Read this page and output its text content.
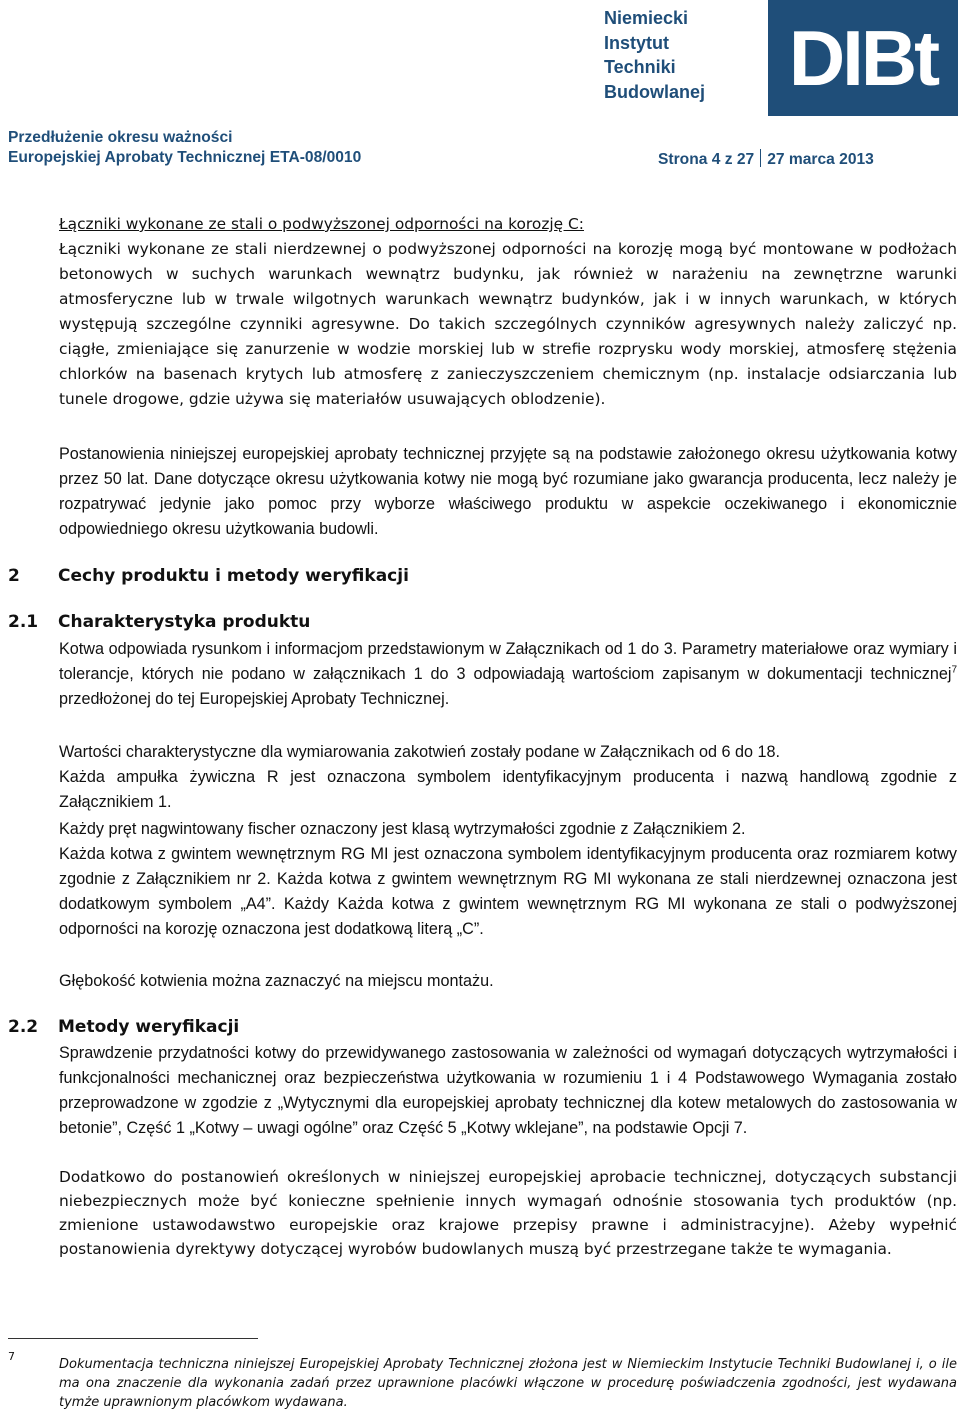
Niemiecki
Instytut
Techniki
Budowlanej	DIBt
Przedłużenie okresu ważności
Europejskiej Aprobaty Technicznej ETA-08/0010	Strona 4 z 27 27 marca 2013
Łączniki wykonane ze stali o podwyższonej odporności na korozję C:
Łączniki wykonane ze stali nierdzewnej o podwyższonej odporności na korozję mogą być montowane w podłożach betonowych w suchych warunkach wewnątrz budynku, jak również w narażeniu na zewnętrzne warunki atmosferyczne lub w trwale wilgotnych warunkach wewnątrz budynków, jak i w innych warunkach, w których występują szczególne czynniki agresywne. Do takich szczególnych czynników agresywnych należy zaliczyć np. ciągłe, zmieniające się zanurzenie w wodzie morskiej lub w strefie rozprysku wody morskiej, atmosferę stężenia chlorków na basenach krytych lub atmosferę z zanieczyszczeniem chemicznym (np. instalacje odsiarczania lub tunele drogowe, gdzie używa się materiałów usuwających oblodzenie).
Postanowienia niniejszej europejskiej aprobaty technicznej przyjęte są na podstawie założonego okresu użytkowania kotwy przez 50 lat. Dane dotyczące okresu użytkowania kotwy nie mogą być rozumiane jako gwarancja producenta, lecz należy je rozpatrywać jedynie jako pomoc przy wyborze właściwego produktu w aspekcie oczekiwanego i ekonomicznie odpowiedniego okresu użytkowania budowli.
2 Cechy produktu i metody weryfikacji
2.1 Charakterystyka produktu
Kotwa odpowiada rysunkom i informacjom przedstawionym w Załącznikach od 1 do 3. Parametry materiałowe oraz wymiary i tolerancje, których nie podano w załącznikach 1 do 3 odpowiadają wartościom zapisanym w dokumentacji technicznej$^7$ przedłożonej do tej Europejskiej Aprobaty Technicznej.
Wartości charakterystyczne dla wymiarowania zakotwień zostały podane w Załącznikach od 6 do 18.
Każda ampułka żywiczna R jest oznaczona symbolem identyfikacyjnym producenta i nazwą handlową zgodnie z Załącznikiem 1.
Każdy pręt nagwintowany fischer oznaczony jest klasą wytrzymałości zgodnie z Załącznikiem 2.
Każda kotwa z gwintem wewnętrznym RG MI jest oznaczona symbolem identyfikacyjnym producenta oraz rozmiarem kotwy zgodnie z Załącznikiem nr 2. Każda kotwa z gwintem wewnętrznym RG MI wykonana ze stali nierdzewnej oznaczona jest dodatkowym symbolem „A4”. Każdy Każda kotwa z gwintem wewnętrznym RG MI wykonana ze stali o podwyższonej odporności na korozję oznaczona jest dodatkową literą „C”.
Głębokość kotwienia można zaznaczyć na miejscu montażu.
2.2 Metody weryfikacji
Sprawdzenie przydatności kotwy do przewidywanego zastosowania w zależności od wymagań dotyczących wytrzymałości i funkcjonalności mechanicznej oraz bezpieczeństwa użytkowania w rozumieniu 1 i 4 Podstawowego Wymagania zostało przeprowadzone w zgodzie z „Wytycznymi dla europejskiej aprobaty technicznej dla kotew metalowych do zastosowania w betonie”, Część 1 „Kotwy – uwagi ogólne” oraz Część 5 „Kotwy wklejane”, na podstawie Opcji 7.
Dodatkowo do postanowień określonych w niniejszej europejskiej aprobacie technicznej, dotyczących substancji niebezpiecznych może być konieczne spełnienie innych wymagań odnośnie stosowania tych produktów (np. zmienione ustawodawstwo europejskie oraz krajowe przepisy prawne i administracyjne). Ażeby wypełnić postanowienia dyrektywy dotyczącej wyrobów budowlanych muszą być przestrzegane także te wymagania.
7
Dokumentacja techniczna niniejszej Europejskiej Aprobaty Technicznej złożona jest w Niemieckim Instytucie Techniki Budowlanej i, o ile ma ona znaczenie dla wykonania zadań przez uprawnione placówki włączone w procedurę poświadczenia zgodności, jest wydawana tymże uprawnionym placówkom wydawana.
